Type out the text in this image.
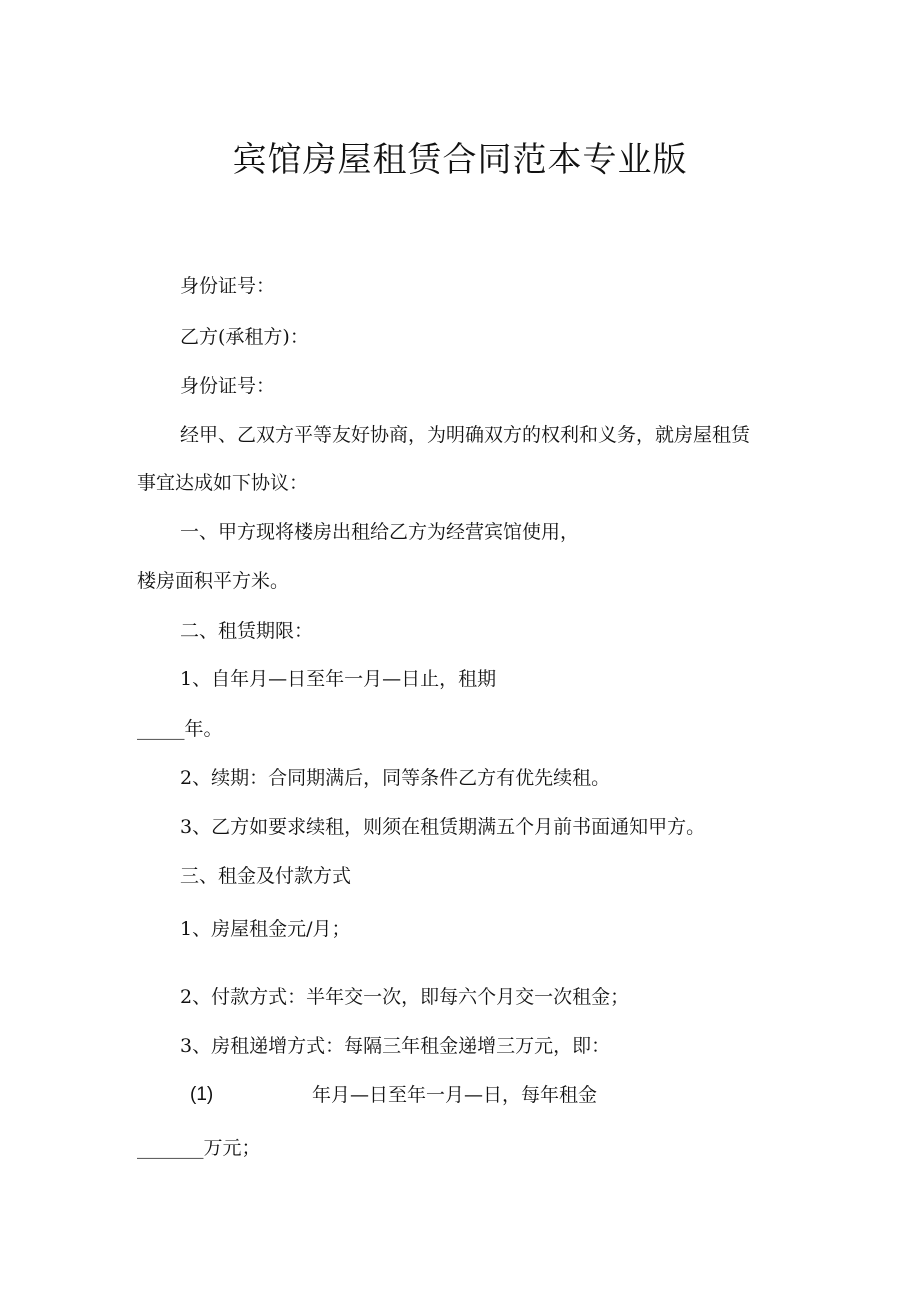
宾馆房屋租赁合同范本专业版
身份证号：
乙方(承租方)：
身份证号：
经甲、乙双方平等友好协商，为明确双方的权利和义务，就房屋租赁
事宜达成如下协议：
一、甲方现将楼房出租给乙方为经营宾馆使用，
楼房面积平方米。
二、租赁期限：
1、自年月—日至年一月—日止，租期
_____年。
2、续期：合同期满后，同等条件乙方有优先续租。
3、乙方如要求续租，则须在租赁期满五个月前书面通知甲方。
三、租金及付款方式
1、房屋租金元/月；
2、付款方式：半年交一次，即每六个月交一次租金；
3、房租递增方式：每隔三年租金递增三万元，即：
(1)	年月—日至年一月—日，每年租金
_______万元；
